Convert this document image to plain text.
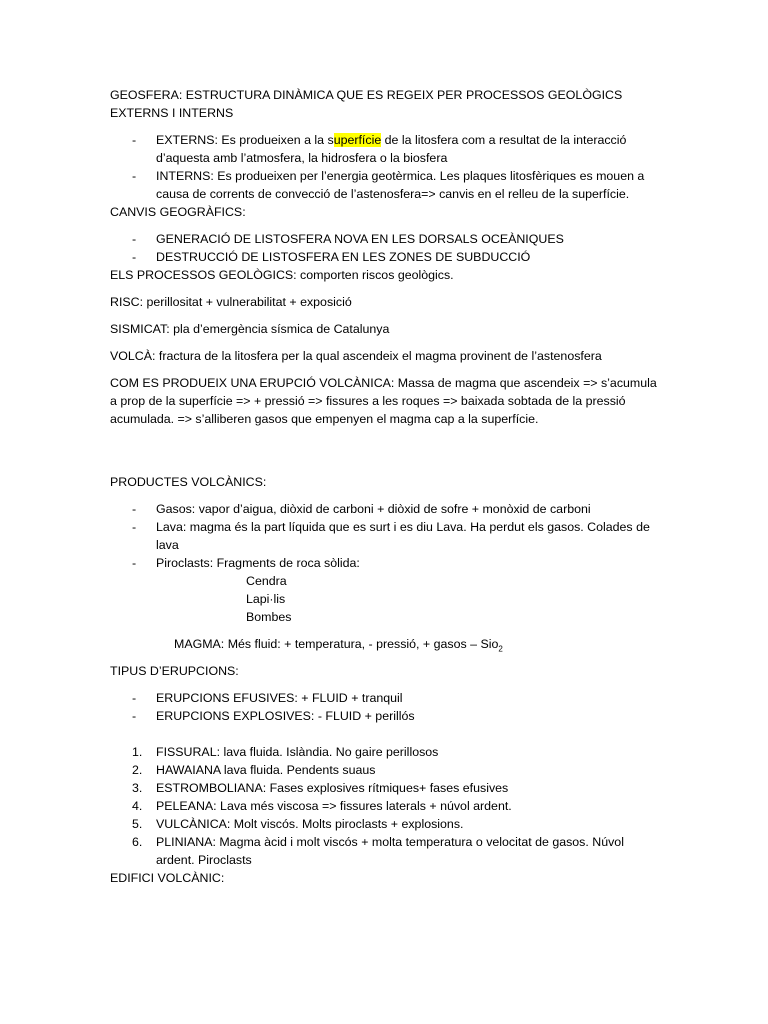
GEOSFERA: ESTRUCTURA DINÀMICA QUE ES REGEIX PER PROCESSOS GEOLÒGICS EXTERNS I INTERNS

- EXTERNS: Es produeixen a la superfície de la litosfera com a resultat de la interacció d’aquesta amb l’atmosfera, la hidrosfera o la biosfera
- INTERNS: Es produeixen per l’energia geotèrmica. Les plaques litosfèriques es mouen a causa de corrents de convecció de l’astenosfera=> canvis en el relleu de la superfície.

CANVIS GEOGRÀFICS:

- GENERACIÓ DE LISTOSFERA NOVA EN LES DORSALS OCEÀNIQUES
- DESTRUCCIÓ DE LISTOSFERA EN LES ZONES DE SUBDUCCIÓ

ELS PROCESSOS GEOLÒGICS: comporten riscos geològics.

RISC: perillositat + vulnerabilitat + exposició

SISMICAT: pla d’emergència sísmica de Catalunya

VOLCÀ: fractura de la litosfera per la qual ascendeix el magma provinent de l’astenosfera

COM ES PRODUEIX UNA ERUPCIÓ VOLCÀNICA: Massa de magma que ascendeix => s’acumula a prop de la superfície => + pressió => fissures a les roques => baixada sobtada de la pressió acumulada. => s’alliberen gasos que empenyen el magma cap a la superfície.

PRODUCTES VOLCÀNICS:

- Gasos: vapor d’aigua, diòxid de carboni + diòxid de sofre + monòxid de carboni
- Lava: magma és la part líquida que es surt i es diu Lava. Ha perdut els gasos. Colades de lava
- Piroclasts: Fragments de roca sòlida:

Cendra

Lapi·lis

Bombes

MAGMA: Més fluid: + temperatura, - pressió, + gasos – Sio$_2$

TIPUS D’ERUPCIONS:

- ERUPCIONS EFUSIVES: + FLUID + tranquil
- ERUPCIONS EXPLOSIVES: - FLUID + perillós
1. FISSURAL: lava fluida. Islàndia. No gaire perillosos
2. HAWAIANA lava fluida. Pendents suaus
3. ESTROMBOLIANA: Fases explosives rítmiques+ fases efusives
4. PELEANA: Lava més viscosa => fissures laterals + núvol ardent.
5. VULCÀNICA: Molt viscós. Molts piroclasts + explosions.
6. PLINIANA: Magma àcid i molt viscós + molta temperatura o velocitat de gasos. Núvol ardent. Piroclasts

EDIFICI VOLCÀNIC:
